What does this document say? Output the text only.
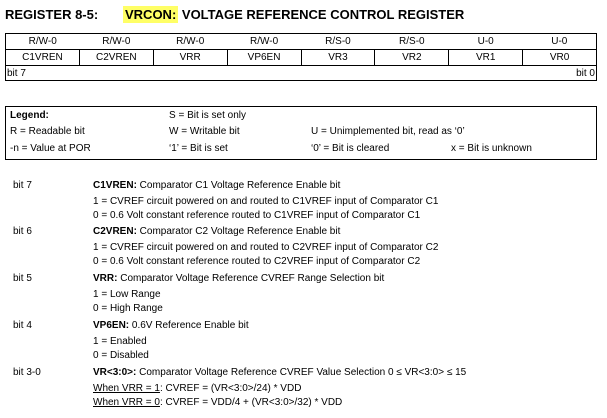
REGISTER 8-5: VRCON: VOLTAGE REFERENCE CONTROL REGISTER
R/W-0	R/W-0	R/W-0	R/W-0	R/S-0	R/S-0	U-0	U-0
C1VREN	C2VREN	VRR	VP6EN	VR3	VR2	VR1	VR0

bit 7 bit 0							
Legend:	S = Bit is set only
R = Readable bit	W = Writable bit	U = Unimplemented bit, read as ‘0’
-n = Value at POR	‘1’ = Bit is set	‘0’ = Bit is cleared	x = Bit is unknown
bit 7	C1VREN: Comparator C1 Voltage Reference Enable bit
1 = CVREF circuit powered on and routed to C1VREF input of Comparator C1
0 = 0.6 Volt constant reference routed to C1VREF input of Comparator C1
bit 6	C2VREN: Comparator C2 Voltage Reference Enable bit
1 = CVREF circuit powered on and routed to C2VREF input of Comparator C2
0 = 0.6 Volt constant reference routed to C2VREF input of Comparator C2
bit 5	VRR: Comparator Voltage Reference CVREF Range Selection bit
1 = Low Range
0 = High Range
bit 4	VP6EN: 0.6V Reference Enable bit
1 = Enabled
0 = Disabled
bit 3-0	VR<3:0>: Comparator Voltage Reference CVREF Value Selection 0 ≤ VR<3:0> ≤ 15
When VRR = 1: CVREF = (VR<3:0>/24) * VDD
When VRR = 0: CVREF = VDD/4 + (VR<3:0>/32) * VDD
